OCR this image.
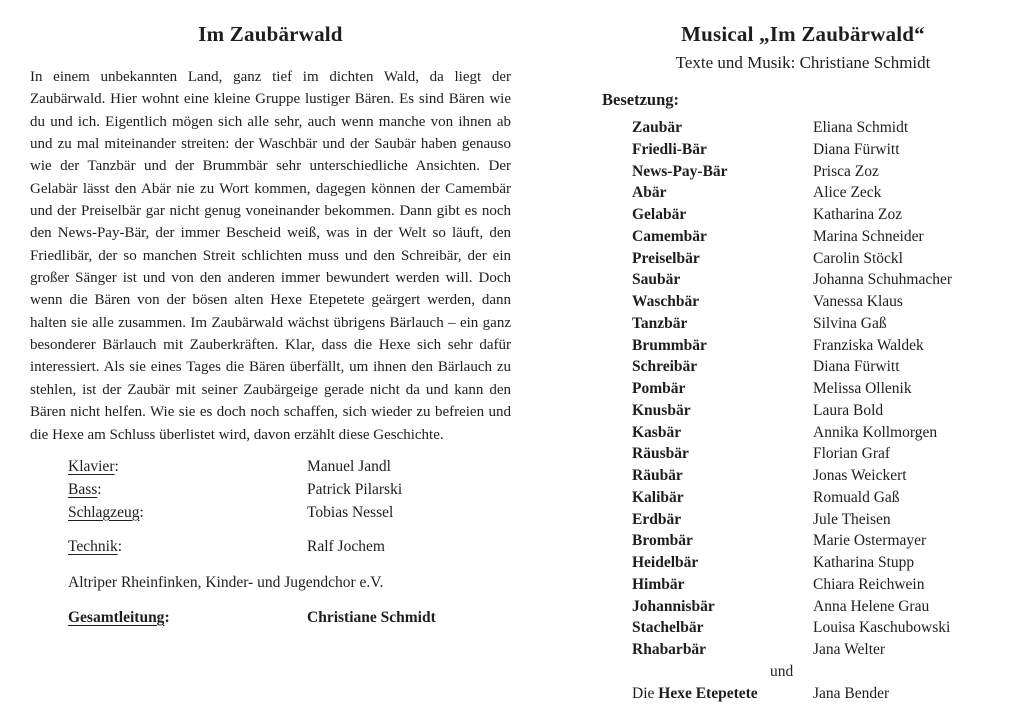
Im Zaubärwald

In einem unbekannten Land, ganz tief im dichten Wald, da liegt der Zaubärwald. Hier wohnt eine kleine Gruppe lustiger Bären. Es sind Bären wie du und ich. Eigentlich mögen sich alle sehr, auch wenn manche von ihnen ab und zu mal miteinander streiten: der Waschbär und der Saubär haben genauso wie der Tanzbär und der Brummbär sehr unterschiedliche Ansichten. Der Gelabär lässt den Abär nie zu Wort kommen, dagegen können der Camembär und der Preiselbär gar nicht genug voneinander bekommen. Dann gibt es noch den News-Pay-Bär, der immer Bescheid weiß, was in der Welt so läuft, den Friedlibär, der so manchen Streit schlichten muss und den Schreibär, der ein großer Sänger ist und von den anderen immer bewundert werden will. Doch wenn die Bären von der bösen alten Hexe Etepetete geärgert werden, dann halten sie alle zusammen. Im Zaubärwald wächst übrigens Bärlauch – ein ganz besonderer Bärlauch mit Zauberkräften. Klar, dass die Hexe sich sehr dafür interessiert. Als sie eines Tages die Bären überfällt, um ihnen den Bärlauch zu stehlen, ist der Zaubär mit seiner Zaubärgeige gerade nicht da und kann den Bären nicht helfen. Wie sie es doch noch schaffen, sich wieder zu befreien und die Hexe am Schluss überlistet wird, davon erzählt diese Geschichte.

Klavier:	Manuel Jandl
Bass:	Patrick Pilarski
Schlagzeug:	Tobias Nessel
Technik:	Ralf Jochem
Altriper Rheinfinken, Kinder- und Jugendchor e.V.
Gesamtleitung:	Christiane Schmidt
Musical „Im Zaubärwald“

Texte und Musik: Christiane Schmidt

Besetzung:

Zaubär	Eliana Schmidt
Friedli-Bär	Diana Fürwitt
News-Pay-Bär	Prisca Zoz
Abär	Alice Zeck
Gelabär	Katharina Zoz
Camembär	Marina Schneider
Preiselbär	Carolin Stöckl
Saubär	Johanna Schuhmacher
Waschbär	Vanessa Klaus
Tanzbär	Silvina Gaß
Brummbär	Franziska Waldek
Schreibär	Diana Fürwitt
Pombär	Melissa Ollenik
Knusbär	Laura Bold
Kasbär	Annika Kollmorgen
Räusbär	Florian Graf
Räubär	Jonas Weickert
Kalibär	Romuald Gaß
Erdbär	Jule Theisen
Brombär	Marie Ostermayer
Heidelbär	Katharina Stupp
Himbär	Chiara Reichwein
Johannisbär	Anna Helene Grau
Stachelbär	Louisa Kaschubowski
Rhabarbär	Jana Welter
und
Die Hexe Etepetete	Jana Bender
